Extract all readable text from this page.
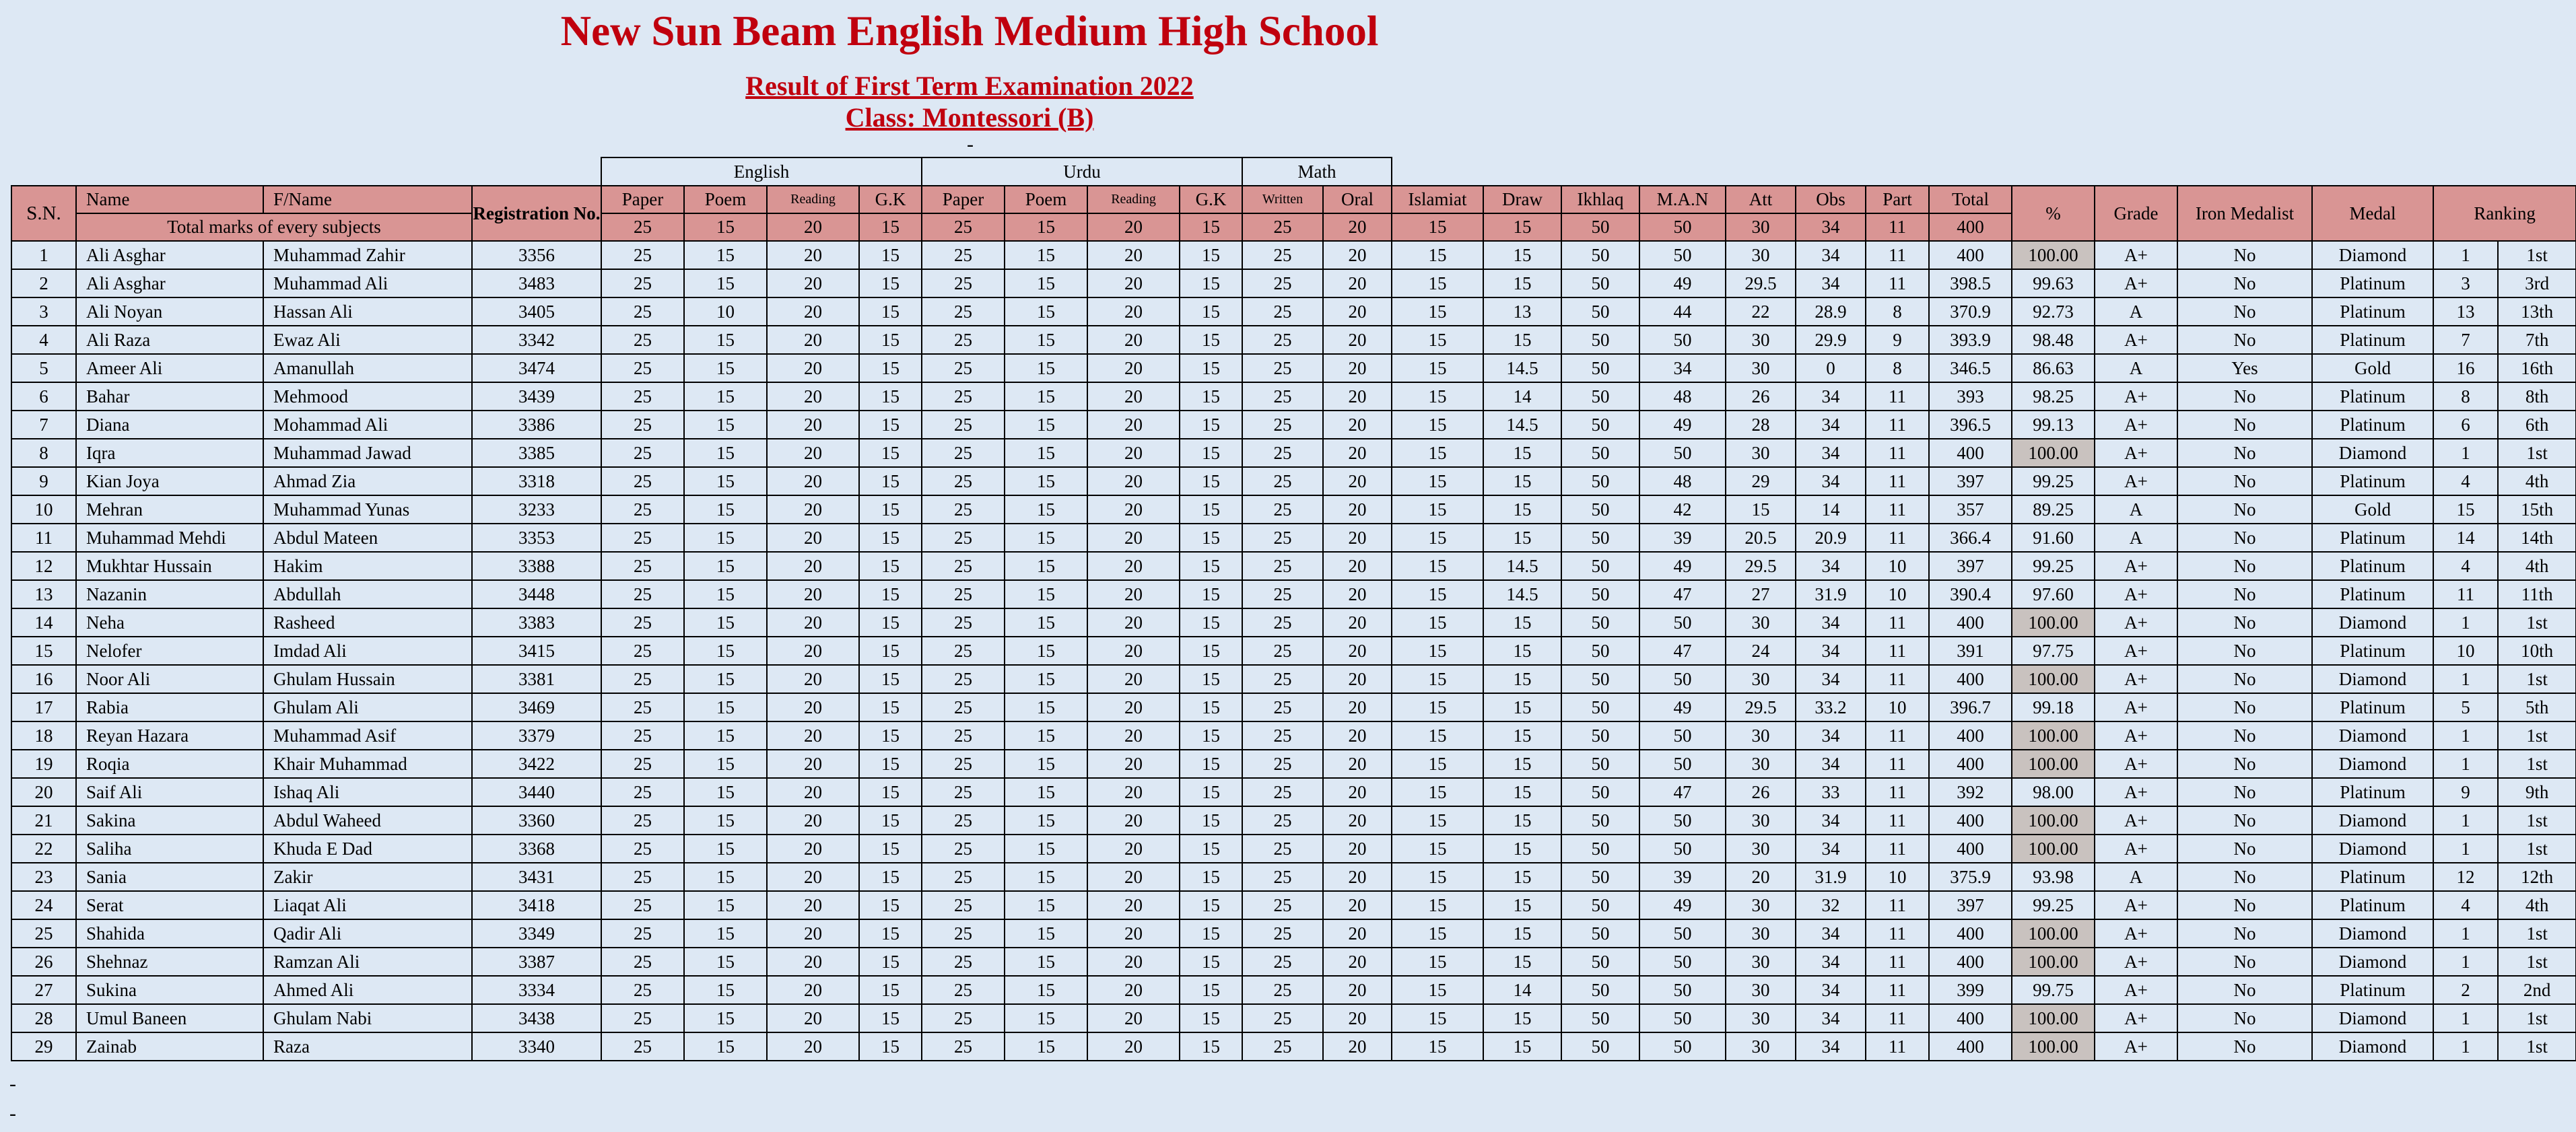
New Sun Beam English Medium High School
Result of First Term Examination 2022
Class: Montessori (B)
-
				English				Urdu				Math															
S.N.	Name	F/Name	Registration No.	Paper	Poem	Reading	G.K	Paper	Poem	Reading	G.K	Written	Oral	Islamiat	Draw	Ikhlaq	M.A.N	Att	Obs	Part	Total	%	Grade	Iron Medalist	Medal	Ranking	
	Total marks of every subjects			25	15	20	15	25	15	20	15	25	20	15	15	50	50	30	34	11	400						
1	Ali Asghar	Muhammad Zahir	3356	25	15	20	15	25	15	20	15	25	20	15	15	50	50	30	34	11	400	100.00	A+	No	Diamond	1	1st
2	Ali Asghar	Muhammad Ali	3483	25	15	20	15	25	15	20	15	25	20	15	15	50	49	29.5	34	11	398.5	99.63	A+	No	Platinum	3	3rd
3	Ali Noyan	Hassan Ali	3405	25	10	20	15	25	15	20	15	25	20	15	13	50	44	22	28.9	8	370.9	92.73	A	No	Platinum	13	13th
4	Ali Raza	Ewaz Ali	3342	25	15	20	15	25	15	20	15	25	20	15	15	50	50	30	29.9	9	393.9	98.48	A+	No	Platinum	7	7th
5	Ameer Ali	Amanullah	3474	25	15	20	15	25	15	20	15	25	20	15	14.5	50	34	30	0	8	346.5	86.63	A	Yes	Gold	16	16th
6	Bahar	Mehmood	3439	25	15	20	15	25	15	20	15	25	20	15	14	50	48	26	34	11	393	98.25	A+	No	Platinum	8	8th
7	Diana	Mohammad Ali	3386	25	15	20	15	25	15	20	15	25	20	15	14.5	50	49	28	34	11	396.5	99.13	A+	No	Platinum	6	6th
8	Iqra	Muhammad Jawad	3385	25	15	20	15	25	15	20	15	25	20	15	15	50	50	30	34	11	400	100.00	A+	No	Diamond	1	1st
9	Kian Joya	Ahmad Zia	3318	25	15	20	15	25	15	20	15	25	20	15	15	50	48	29	34	11	397	99.25	A+	No	Platinum	4	4th
10	Mehran	Muhammad Yunas	3233	25	15	20	15	25	15	20	15	25	20	15	15	50	42	15	14	11	357	89.25	A	No	Gold	15	15th
11	Muhammad Mehdi	Abdul Mateen	3353	25	15	20	15	25	15	20	15	25	20	15	15	50	39	20.5	20.9	11	366.4	91.60	A	No	Platinum	14	14th
12	Mukhtar Hussain	Hakim	3388	25	15	20	15	25	15	20	15	25	20	15	14.5	50	49	29.5	34	10	397	99.25	A+	No	Platinum	4	4th
13	Nazanin	Abdullah	3448	25	15	20	15	25	15	20	15	25	20	15	14.5	50	47	27	31.9	10	390.4	97.60	A+	No	Platinum	11	11th
14	Neha	Rasheed	3383	25	15	20	15	25	15	20	15	25	20	15	15	50	50	30	34	11	400	100.00	A+	No	Diamond	1	1st
15	Nelofer	Imdad Ali	3415	25	15	20	15	25	15	20	15	25	20	15	15	50	47	24	34	11	391	97.75	A+	No	Platinum	10	10th
16	Noor Ali	Ghulam Hussain	3381	25	15	20	15	25	15	20	15	25	20	15	15	50	50	30	34	11	400	100.00	A+	No	Diamond	1	1st
17	Rabia	Ghulam Ali	3469	25	15	20	15	25	15	20	15	25	20	15	15	50	49	29.5	33.2	10	396.7	99.18	A+	No	Platinum	5	5th
18	Reyan Hazara	Muhammad Asif	3379	25	15	20	15	25	15	20	15	25	20	15	15	50	50	30	34	11	400	100.00	A+	No	Diamond	1	1st
19	Roqia	Khair Muhammad	3422	25	15	20	15	25	15	20	15	25	20	15	15	50	50	30	34	11	400	100.00	A+	No	Diamond	1	1st
20	Saif Ali	Ishaq Ali	3440	25	15	20	15	25	15	20	15	25	20	15	15	50	47	26	33	11	392	98.00	A+	No	Platinum	9	9th
21	Sakina	Abdul Waheed	3360	25	15	20	15	25	15	20	15	25	20	15	15	50	50	30	34	11	400	100.00	A+	No	Diamond	1	1st
22	Saliha	Khuda E Dad	3368	25	15	20	15	25	15	20	15	25	20	15	15	50	50	30	34	11	400	100.00	A+	No	Diamond	1	1st
23	Sania	Zakir	3431	25	15	20	15	25	15	20	15	25	20	15	15	50	39	20	31.9	10	375.9	93.98	A	No	Platinum	12	12th
24	Serat	Liaqat Ali	3418	25	15	20	15	25	15	20	15	25	20	15	15	50	49	30	32	11	397	99.25	A+	No	Platinum	4	4th
25	Shahida	Qadir Ali	3349	25	15	20	15	25	15	20	15	25	20	15	15	50	50	30	34	11	400	100.00	A+	No	Diamond	1	1st
26	Shehnaz	Ramzan Ali	3387	25	15	20	15	25	15	20	15	25	20	15	15	50	50	30	34	11	400	100.00	A+	No	Diamond	1	1st
27	Sukina	Ahmed Ali	3334	25	15	20	15	25	15	20	15	25	20	15	14	50	50	30	34	11	399	99.75	A+	No	Platinum	2	2nd
28	Umul Baneen	Ghulam Nabi	3438	25	15	20	15	25	15	20	15	25	20	15	15	50	50	30	34	11	400	100.00	A+	No	Diamond	1	1st
29	Zainab	Raza	3340	25	15	20	15	25	15	20	15	25	20	15	15	50	50	30	34	11	400	100.00	A+	No	Diamond	1	1st
-
-
